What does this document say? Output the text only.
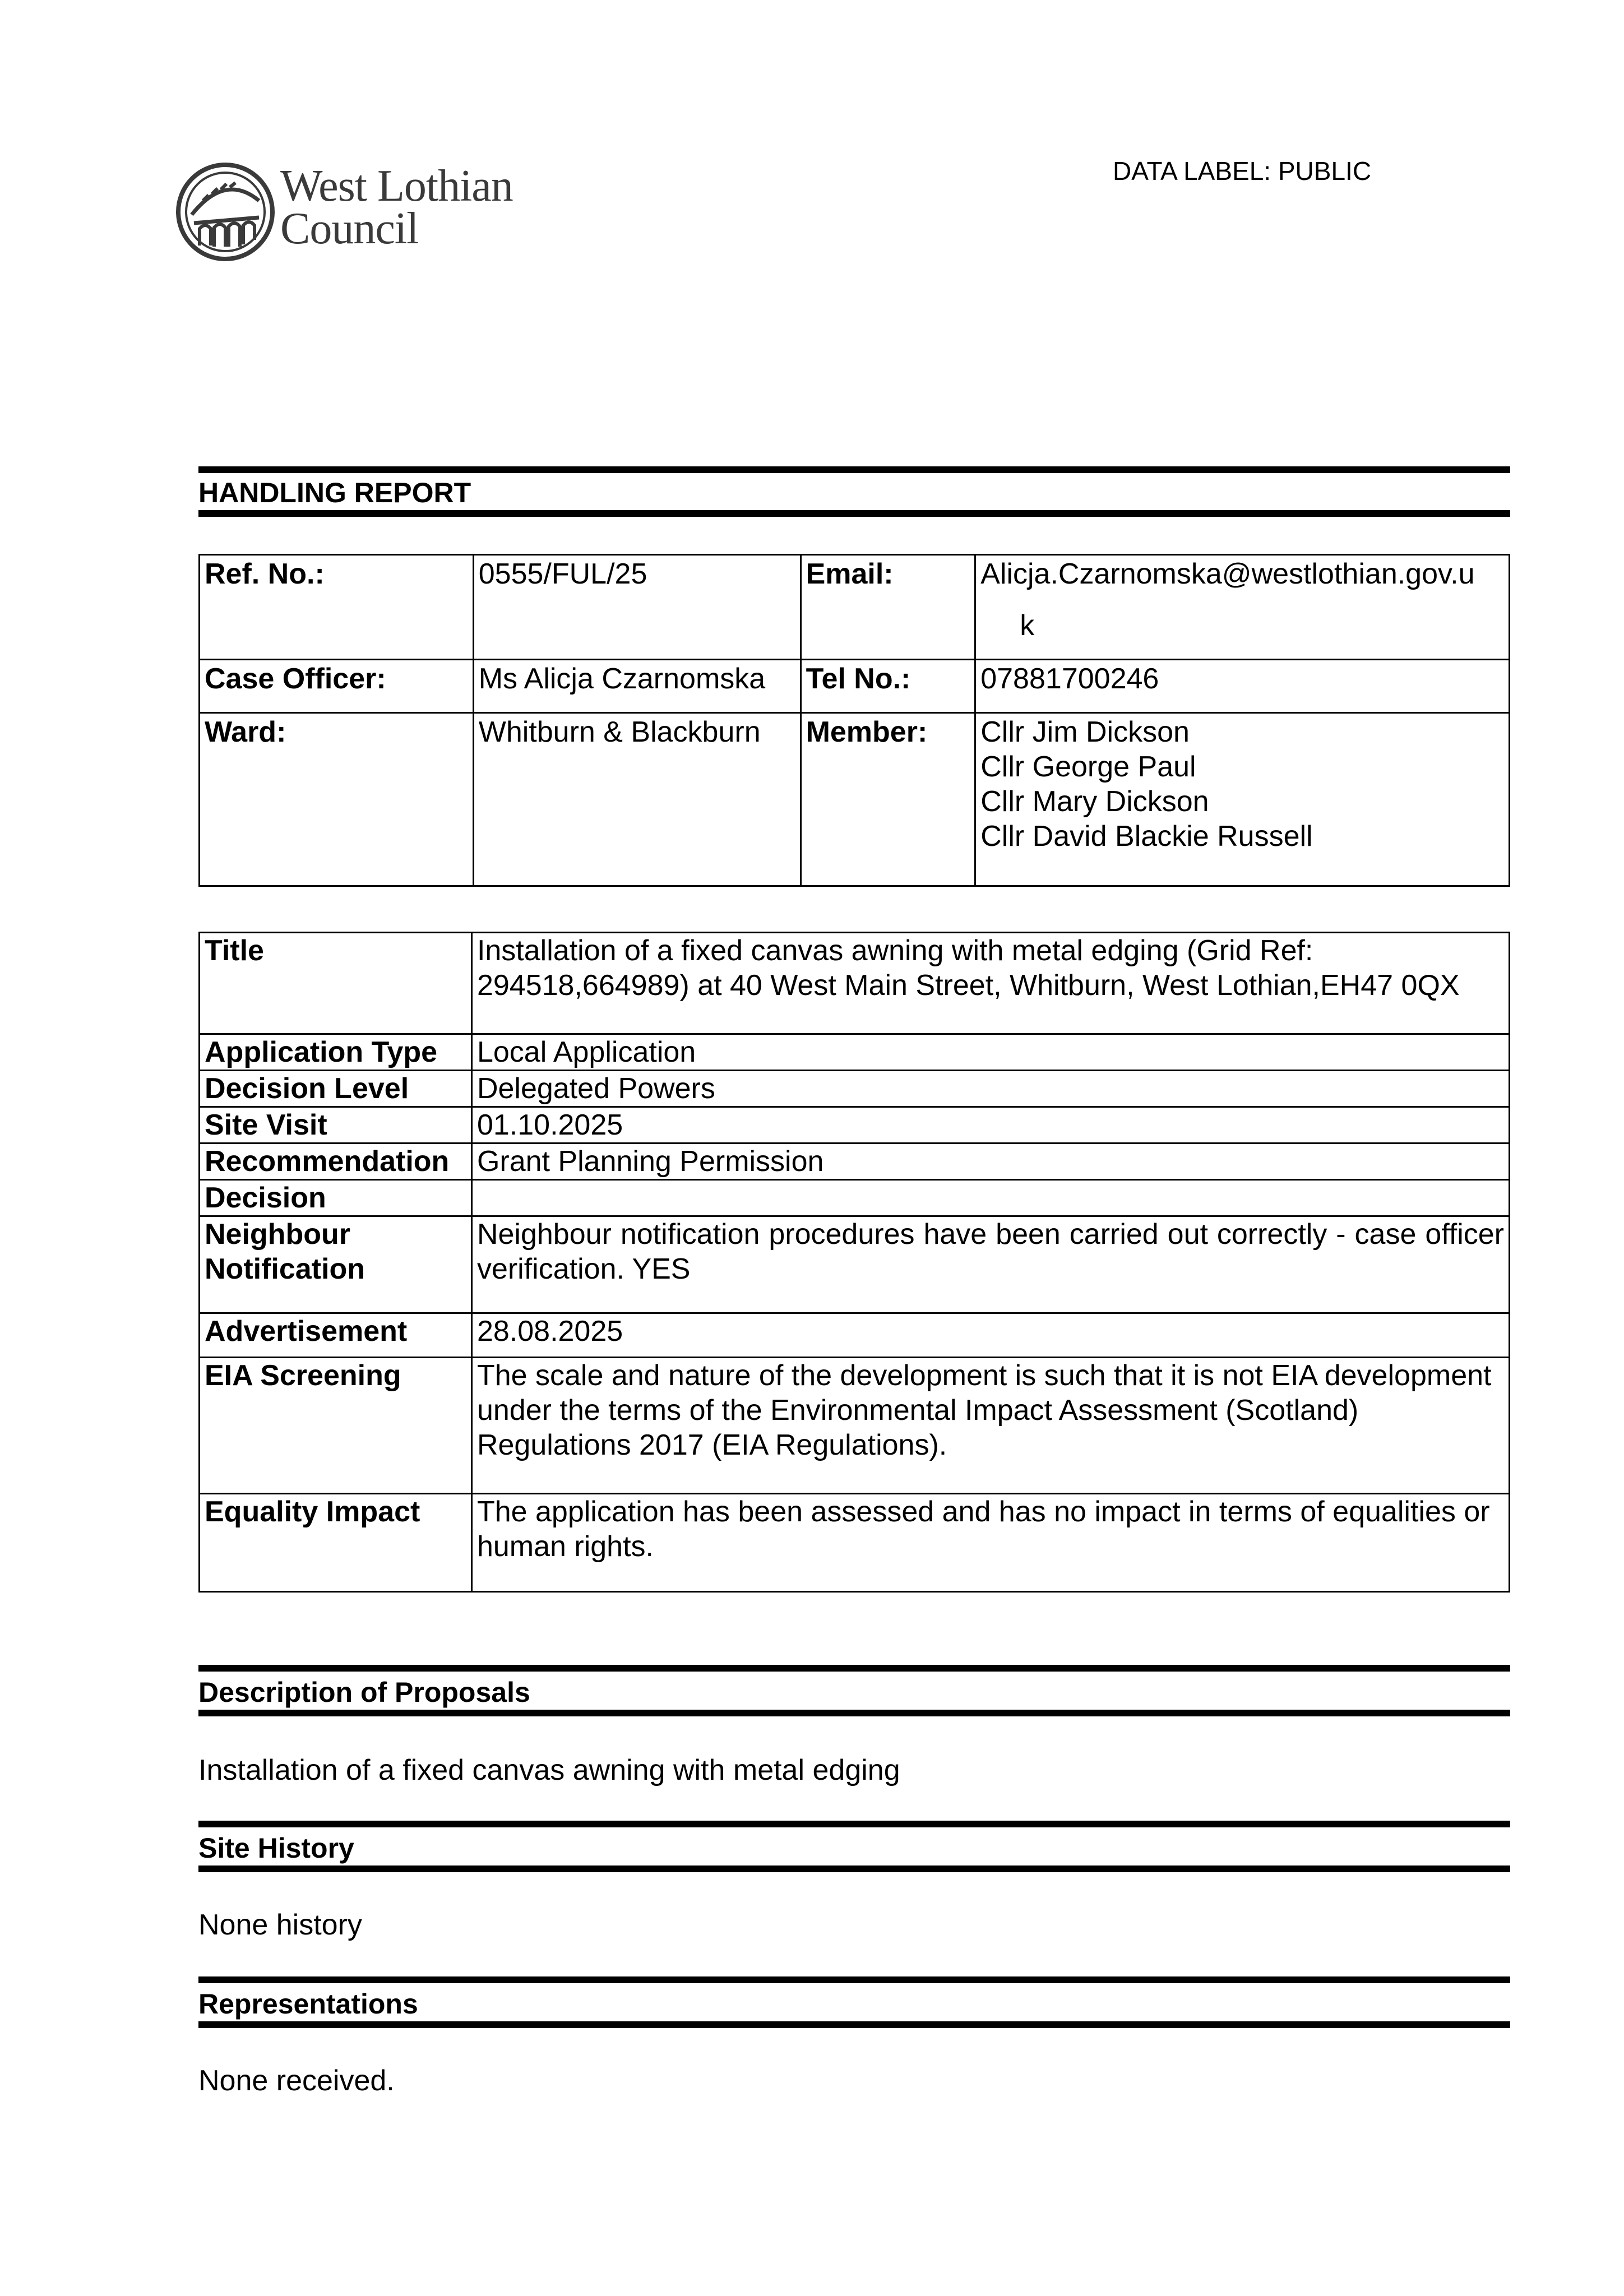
West Lothian
Council
DATA LABEL: PUBLIC
HANDLING REPORT
Ref. No.:	0555/FUL/25	Email:	Alicja.Czarnomska@westlothian.gov.u
k

Case Officer:	Ms Alicja Czarnomska	Tel No.:	07881700246
Ward:	Whitburn & Blackburn	Member:	Cllr Jim Dickson
Cllr George Paul
Cllr Mary Dickson
Cllr David Blackie Russell
Title	Installation of a fixed canvas awning with metal edging (Grid Ref: 294518,664989) at 40 West Main Street, Whitburn, West Lothian,EH47 0QX
Application Type	Local Application
Decision Level	Delegated Powers
Site Visit	01.10.2025
Recommendation	Grant Planning Permission
Decision	

Neighbour
Notification	Neighbour notification procedures have been carried out correctly - case officer verification. YES
Advertisement	28.08.2025
EIA Screening	The scale and nature of the development is such that it is not EIA development under the terms of the Environmental Impact Assessment (Scotland) Regulations 2017 (EIA Regulations).
Equality Impact	The application has been assessed and has no impact in terms of equalities or human rights.
Description of Proposals
Installation of a fixed canvas awning with metal edging
Site History
None history
Representations
None received.
